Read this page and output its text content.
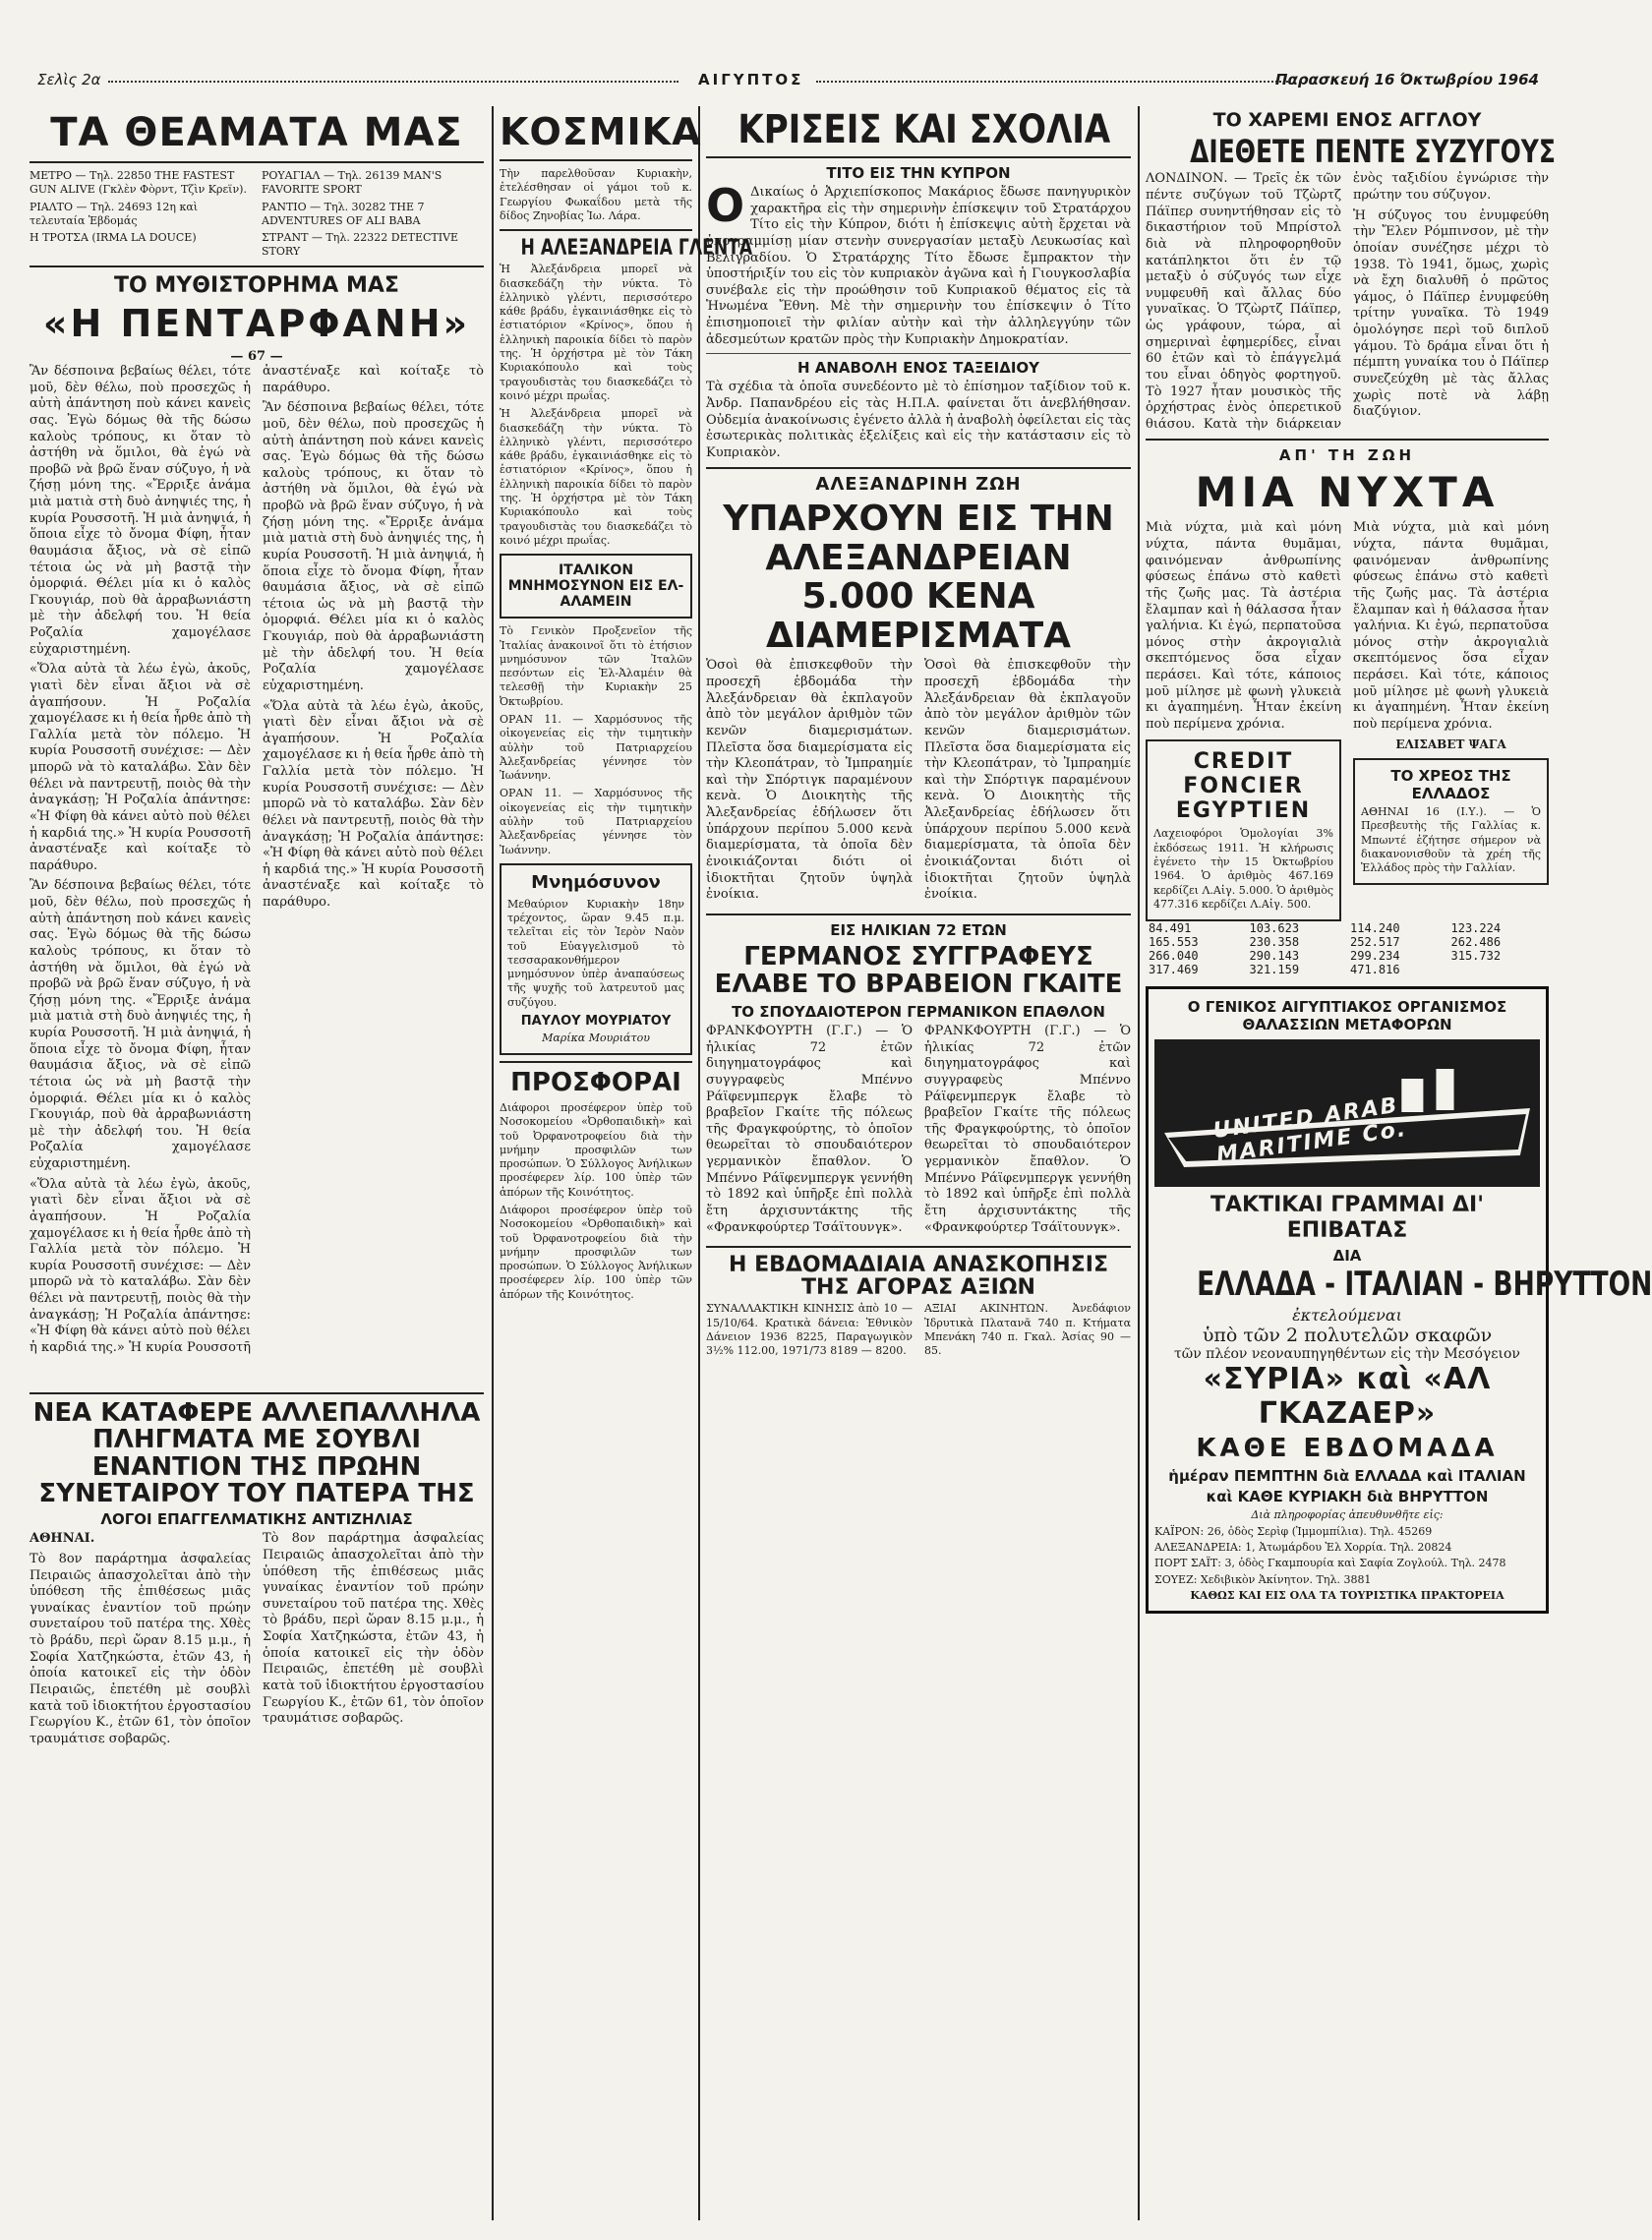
Σελὶς 2α	ΑΙΓΥΠΤΟΣ	Παρασκευή 16 Όκτωβρίου 1964
ΤΑ ΘΕΑΜΑΤΑ ΜΑΣ

ΜΕΤΡΟ — Τηλ. 22850 THE FASTEST GUN ALIVE (Γκλὲν Φὸρντ, Τζὶν Κρεϊν).

ΡΙΑΛΤΟ — Τηλ. 24693 12η καὶ τελευταία Ἑβδομάς

Η ΤΡΟΤΣΑ (IRMA LA DOUCE)

ΡΟΥΑΓΙΑΛ — Τηλ. 26139 MAN'S FAVORITE SPORT

ΡΑΝΤΙΟ — Τηλ. 30282 THE 7 ADVENTURES OF ALI BABA

ΣΤΡΑΝΤ — Τηλ. 22322 DETECTIVE STORY

ΤΟ ΜΥΘΙΣΤΟΡΗΜΑ ΜΑΣ
«Η ΠΕΝΤΑΡΦΑΝΗ»
— 67 —

Ἂν δέσποινα βεβαίως θέλει, τότε μοῦ, δὲν θέλω, ποὺ προσεχῶς ἡ αὐτὴ ἀπάντηση ποὺ κάνει κανεὶς σας. Ἐγὼ δόμως θὰ τῆς δώσω καλοὺς τρόπους, κι ὅταν τὸ ἀστήθη νὰ ὅμιλοι, θὰ ἐγώ νὰ προβῶ νὰ βρῶ ἕναν σύζυγο, ἡ νὰ ζήσῃ μόνη της. «Ἔρριξε ἀνάμα μιὰ ματιὰ στὴ δυὸ ἀνηψιές της, ἡ κυρία Ρουσσοτῆ. Ἡ μιὰ ἀνηψιά, ἡ ὅποια εἶχε τὸ ὄνομα Φίφη, ἦταν θαυμάσια ἄξιος, νὰ σὲ εἰπῶ τέτοια ὡς νὰ μὴ βαστᾷ τὴν ὁμορφιά. Θέλει μία κι ὁ καλὸς Γκουγιάρ, ποὺ θὰ ἀρραβωνιάστη μὲ τὴν ἀδελφή του. Ἡ θεία Ροζαλία χαμογέλασε εὐχαριστημένη.

«Ὅλα αὐτὰ τὰ λέω ἐγὼ, ἀκοῦς, γιατὶ δὲν εἶναι ἄξιοι νὰ σὲ ἀγαπήσουν. Ἡ Ροζαλία χαμογέλασε κι ἡ θεία ἦρθε ἀπὸ τὴ Γαλλία μετὰ τὸν πόλεμο. Ἡ κυρία Ρουσσοτῆ συνέχισε: — Δὲν μπορῶ νὰ τὸ καταλάβω. Σὰν δὲν θέλει νὰ παντρευτῇ, ποιὸς θὰ τὴν ἀναγκάσῃ; Ἡ Ροζαλία ἀπάντησε: «Ἡ Φίφη θὰ κάνει αὐτὸ ποὺ θέλει ἡ καρδιά της.» Ἡ κυρία Ρουσσοτῆ ἀναστέναξε καὶ κοίταξε τὸ παράθυρο.

Ἂν δέσποινα βεβαίως θέλει, τότε μοῦ, δὲν θέλω, ποὺ προσεχῶς ἡ αὐτὴ ἀπάντηση ποὺ κάνει κανεὶς σας. Ἐγὼ δόμως θὰ τῆς δώσω καλοὺς τρόπους, κι ὅταν τὸ ἀστήθη νὰ ὅμιλοι, θὰ ἐγώ νὰ προβῶ νὰ βρῶ ἕναν σύζυγο, ἡ νὰ ζήσῃ μόνη της. «Ἔρριξε ἀνάμα μιὰ ματιὰ στὴ δυὸ ἀνηψιές της, ἡ κυρία Ρουσσοτῆ. Ἡ μιὰ ἀνηψιά, ἡ ὅποια εἶχε τὸ ὄνομα Φίφη, ἦταν θαυμάσια ἄξιος, νὰ σὲ εἰπῶ τέτοια ὡς νὰ μὴ βαστᾷ τὴν ὁμορφιά. Θέλει μία κι ὁ καλὸς Γκουγιάρ, ποὺ θὰ ἀρραβωνιάστη μὲ τὴν ἀδελφή του. Ἡ θεία Ροζαλία χαμογέλασε εὐχαριστημένη.

«Ὅλα αὐτὰ τὰ λέω ἐγὼ, ἀκοῦς, γιατὶ δὲν εἶναι ἄξιοι νὰ σὲ ἀγαπήσουν. Ἡ Ροζαλία χαμογέλασε κι ἡ θεία ἦρθε ἀπὸ τὴ Γαλλία μετὰ τὸν πόλεμο. Ἡ κυρία Ρουσσοτῆ συνέχισε: — Δὲν μπορῶ νὰ τὸ καταλάβω. Σὰν δὲν θέλει νὰ παντρευτῇ, ποιὸς θὰ τὴν ἀναγκάσῃ; Ἡ Ροζαλία ἀπάντησε: «Ἡ Φίφη θὰ κάνει αὐτὸ ποὺ θέλει ἡ καρδιά της.» Ἡ κυρία Ρουσσοτῆ ἀναστέναξε καὶ κοίταξε τὸ παράθυρο.

Ἂν δέσποινα βεβαίως θέλει, τότε μοῦ, δὲν θέλω, ποὺ προσεχῶς ἡ αὐτὴ ἀπάντηση ποὺ κάνει κανεὶς σας. Ἐγὼ δόμως θὰ τῆς δώσω καλοὺς τρόπους, κι ὅταν τὸ ἀστήθη νὰ ὅμιλοι, θὰ ἐγώ νὰ προβῶ νὰ βρῶ ἕναν σύζυγο, ἡ νὰ ζήσῃ μόνη της. «Ἔρριξε ἀνάμα μιὰ ματιὰ στὴ δυὸ ἀνηψιές της, ἡ κυρία Ρουσσοτῆ. Ἡ μιὰ ἀνηψιά, ἡ ὅποια εἶχε τὸ ὄνομα Φίφη, ἦταν θαυμάσια ἄξιος, νὰ σὲ εἰπῶ τέτοια ὡς νὰ μὴ βαστᾷ τὴν ὁμορφιά. Θέλει μία κι ὁ καλὸς Γκουγιάρ, ποὺ θὰ ἀρραβωνιάστη μὲ τὴν ἀδελφή του. Ἡ θεία Ροζαλία χαμογέλασε εὐχαριστημένη.

«Ὅλα αὐτὰ τὰ λέω ἐγὼ, ἀκοῦς, γιατὶ δὲν εἶναι ἄξιοι νὰ σὲ ἀγαπήσουν. Ἡ Ροζαλία χαμογέλασε κι ἡ θεία ἦρθε ἀπὸ τὴ Γαλλία μετὰ τὸν πόλεμο. Ἡ κυρία Ρουσσοτῆ συνέχισε: — Δὲν μπορῶ νὰ τὸ καταλάβω. Σὰν δὲν θέλει νὰ παντρευτῇ, ποιὸς θὰ τὴν ἀναγκάσῃ; Ἡ Ροζαλία ἀπάντησε: «Ἡ Φίφη θὰ κάνει αὐτὸ ποὺ θέλει ἡ καρδιά της.» Ἡ κυρία Ρουσσοτῆ ἀναστέναξε καὶ κοίταξε τὸ παράθυρο.

ΝΕΑ ΚΑΤΑΦΕΡΕ ΑΛΛΕΠΑΛΛΗΛΑ ΠΛΗΓΜΑΤΑ ΜΕ ΣΟΥΒΛΙ ΕΝΑΝΤΙΟΝ ΤΗΣ ΠΡΩΗΝ ΣΥΝΕΤΑΙΡΟΥ ΤΟΥ ΠΑΤΕΡΑ ΤΗΣ
ΛΟΓΟΙ ΕΠΑΓΓΕΛΜΑΤΙΚΗΣ ΑΝΤΙΖΗΛΙΑΣ

ΑΘΗΝΑΙ.

Τὸ 8ον παράρτημα ἀσφαλείας Πειραιῶς ἀπασχολεῖται ἀπὸ τὴν ὑπόθεση τῆς ἐπιθέσεως μιᾶς γυναίκας ἐναντίον τοῦ πρώην συνεταίρου τοῦ πατέρα της. Χθὲς τὸ βράδυ, περὶ ὥραν 8.15 μ.μ., ἡ Σοφία Χατζηκώστα, ἐτῶν 43, ἡ ὁποία κατοικεῖ εἰς τὴν ὁδὸν Πειραιῶς, ἐπετέθη μὲ σουβλὶ κατὰ τοῦ ἰδιοκτήτου ἐργοστασίου Γεωργίου Κ., ἐτῶν 61, τὸν ὁποῖον τραυμάτισε σοβαρῶς.

Τὸ 8ον παράρτημα ἀσφαλείας Πειραιῶς ἀπασχολεῖται ἀπὸ τὴν ὑπόθεση τῆς ἐπιθέσεως μιᾶς γυναίκας ἐναντίον τοῦ πρώην συνεταίρου τοῦ πατέρα της. Χθὲς τὸ βράδυ, περὶ ὥραν 8.15 μ.μ., ἡ Σοφία Χατζηκώστα, ἐτῶν 43, ἡ ὁποία κατοικεῖ εἰς τὴν ὁδὸν Πειραιῶς, ἐπετέθη μὲ σουβλὶ κατὰ τοῦ ἰδιοκτήτου ἐργοστασίου Γεωργίου Κ., ἐτῶν 61, τὸν ὁποῖον τραυμάτισε σοβαρῶς.

ΚΟΣΜΙΚΑ

Τὴν παρελθοῦσαν Κυριακὴν, ἐτελέσθησαν οἱ γάμοι τοῦ κ. Γεωργίου Φωκαΐδου μετὰ τῆς δίδος Ζηνοβίας Ἰω. Λάρα.

Η ΑΛΕΞΑΝΔΡΕΙΑ ΓΛΕΝΤΑ

Ἡ Ἀλεξάνδρεια μπορεῖ νὰ διασκεδάζη τὴν νύκτα. Τὸ ἑλληνικὸ γλέντι, περισσότερο κάθε βράδυ, ἐγκαινιάσθηκε εἰς τὸ ἑστιατόριον «Κρίνος», ὅπου ἡ ἑλληνικὴ παροικία δίδει τὸ παρὸν της. Ἡ ὀρχήστρα μὲ τὸν Τάκη Κυριακόπουλο καὶ τοὺς τραγουδιστὰς του διασκεδάζει τὸ κοινό μέχρι πρωΐας.

Ἡ Ἀλεξάνδρεια μπορεῖ νὰ διασκεδάζη τὴν νύκτα. Τὸ ἑλληνικὸ γλέντι, περισσότερο κάθε βράδυ, ἐγκαινιάσθηκε εἰς τὸ ἑστιατόριον «Κρίνος», ὅπου ἡ ἑλληνικὴ παροικία δίδει τὸ παρὸν της. Ἡ ὀρχήστρα μὲ τὸν Τάκη Κυριακόπουλο καὶ τοὺς τραγουδιστὰς του διασκεδάζει τὸ κοινό μέχρι πρωΐας.

ΙΤΑΛΙΚΟΝ ΜΝΗΜΟΣΥΝΟΝ ΕΙΣ ΕΛ-ΑΛΑΜΕΙΝ

Τὸ Γενικὸν Προξενεῖον τῆς Ἰταλίας ἀνακοινοῖ ὅτι τὸ ἐτήσιον μνημόσυνον τῶν Ἰταλῶν πεσόντων εἰς Ἐλ-Ἀλαμέιν θὰ τελεσθῇ τὴν Κυριακὴν 25 Ὀκτωβρίου.

ΟΡΑΝ 11. — Χαρμόσυνος τῆς οἰκογενείας εἰς τὴν τιμητικὴν αὐλὴν τοῦ Πατριαρχείου Ἀλεξανδρείας γέννησε τὸν Ἰωάννην.

ΟΡΑΝ 11. — Χαρμόσυνος τῆς οἰκογενείας εἰς τὴν τιμητικὴν αὐλὴν τοῦ Πατριαρχείου Ἀλεξανδρείας γέννησε τὸν Ἰωάννην.

Μνημόσυνον

Μεθαύριον Κυριακὴν 18ην τρέχοντος, ὥραν 9.45 π.μ. τελεῖται εἰς τὸν Ἱερὸν Ναὸν τοῦ Εὐαγγελισμοῦ τὸ τεσσαρακονθήμερον μνημόσυνον ὑπὲρ ἀναπαύσεως τῆς ψυχῆς τοῦ λατρευτοῦ μας συζύγου.

ΠΑΥΛΟΥ ΜΟΥΡΙΑΤΟΥ

Μαρίκα Μουριάτου

ΠΡΟΣΦΟΡΑΙ

Διάφοροι προσέφερον ὑπὲρ τοῦ Νοσοκομείου «Ὀρθοπαιδικὴ» καὶ τοῦ Ὀρφανοτροφείου διὰ τὴν μνήμην προσφιλῶν των προσώπων. Ὁ Σύλλογος Ἀνήλικων προσέφερεν λίρ. 100 ὑπὲρ τῶν ἀπόρων τῆς Κοινότητος.

Διάφοροι προσέφερον ὑπὲρ τοῦ Νοσοκομείου «Ὀρθοπαιδικὴ» καὶ τοῦ Ὀρφανοτροφείου διὰ τὴν μνήμην προσφιλῶν των προσώπων. Ὁ Σύλλογος Ἀνήλικων προσέφερεν λίρ. 100 ὑπὲρ τῶν ἀπόρων τῆς Κοινότητος.

ΚΡΙΣΕΙΣ ΚΑΙ ΣΧΟΛΙΑ
ΤΙΤΟ ΕΙΣ ΤΗΝ ΚΥΠΡΟΝ

Ο Δικαίως ὁ Ἀρχιεπίσκοπος Μακάριος ἔδωσε πανηγυρικὸν χαρακτῆρα εἰς τὴν σημερινὴν ἐπίσκεψιν τοῦ Στρατάρχου Τίτο εἰς τὴν Κύπρον, διότι ἡ ἐπίσκεψις αὐτὴ ἔρχεται νὰ ὑπογραμμίσῃ μίαν στενὴν συνεργασίαν μεταξὺ Λευκωσίας καὶ Βελιγραδίου. Ὁ Στρατάρχης Τίτο ἔδωσε ἔμπρακτον τὴν ὑποστήριξίν του εἰς τὸν κυπριακὸν ἀγῶνα καὶ ἡ Γιουγκοσλαβία συνέβαλε εἰς τὴν προώθησιν τοῦ Κυπριακοῦ θέματος εἰς τὰ Ἡνωμένα Ἔθνη. Μὲ τὴν σημερινὴν του ἐπίσκεψιν ὁ Τίτο ἐπισημοποιεῖ τὴν φιλίαν αὐτὴν καὶ τὴν ἀλληλεγγύην τῶν ἀδεσμεύτων κρατῶν πρὸς τὴν Κυπριακὴν Δημοκρατίαν.

Η ΑΝΑΒΟΛΗ ΕΝΟΣ ΤΑΞΕΙΔΙΟΥ

Τὰ σχέδια τὰ ὁποῖα συνεδέοντο μὲ τὸ ἐπίσημον ταξίδιον τοῦ κ. Ἀνδρ. Παπανδρέου εἰς τὰς Η.Π.Α. φαίνεται ὅτι ἀνεβλήθησαν. Οὐδεμία ἀνακοίνωσις ἐγένετο ἀλλὰ ἡ ἀναβολὴ ὀφείλεται εἰς τὰς ἐσωτερικὰς πολιτικὰς ἐξελίξεις καὶ εἰς τὴν κατάστασιν εἰς τὸ Κυπριακὸν.

ΑΛΕΞΑΝΔΡΙΝΗ ΖΩΗ
ΥΠΑΡΧΟΥΝ ΕΙΣ ΤΗΝ ΑΛΕΞΑΝΔΡΕΙΑΝ 5.000 ΚΕΝΑ ΔΙΑΜΕΡΙΣΜΑΤΑ

Ὁσοὶ θὰ ἐπισκεφθοῦν τὴν προσεχῆ ἑβδομάδα τὴν Ἀλεξάνδρειαν θὰ ἐκπλαγοῦν ἀπὸ τὸν μεγάλον ἀριθμὸν τῶν κενῶν διαμερισμάτων. Πλεῖστα ὅσα διαμερίσματα εἰς τὴν Κλεοπάτραν, τὸ Ἰμπραημίε καὶ τὴν Σπόρτιγκ παραμένουν κενὰ. Ὁ Διοικητὴς τῆς Ἀλεξανδρείας ἐδήλωσεν ὅτι ὑπάρχουν περίπου 5.000 κενὰ διαμερίσματα, τὰ ὁποῖα δὲν ἐνοικιάζονται διότι οἱ ἰδιοκτῆται ζητοῦν ὑψηλὰ ἐνοίκια.

Ὁσοὶ θὰ ἐπισκεφθοῦν τὴν προσεχῆ ἑβδομάδα τὴν Ἀλεξάνδρειαν θὰ ἐκπλαγοῦν ἀπὸ τὸν μεγάλον ἀριθμὸν τῶν κενῶν διαμερισμάτων. Πλεῖστα ὅσα διαμερίσματα εἰς τὴν Κλεοπάτραν, τὸ Ἰμπραημίε καὶ τὴν Σπόρτιγκ παραμένουν κενὰ. Ὁ Διοικητὴς τῆς Ἀλεξανδρείας ἐδήλωσεν ὅτι ὑπάρχουν περίπου 5.000 κενὰ διαμερίσματα, τὰ ὁποῖα δὲν ἐνοικιάζονται διότι οἱ ἰδιοκτῆται ζητοῦν ὑψηλὰ ἐνοίκια.

ΕΙΣ ΗΛΙΚΙΑΝ 72 ΕΤΩΝ
ΓΕΡΜΑΝΟΣ ΣΥΓΓΡΑΦΕΥΣ ΕΛΑΒΕ ΤΟ ΒΡΑΒΕΙΟΝ ΓΚΑΙΤΕ
ΤΟ ΣΠΟΥΔΑΙΟΤΕΡΟΝ ΓΕΡΜΑΝΙΚΟΝ ΕΠΑΘΛΟΝ

ΦΡΑΝΚΦΟΥΡΤΗ (Γ.Γ.) — Ὁ ἡλικίας 72 ἐτῶν διηγηματογράφος καὶ συγγραφεὺς Μπέννο Ράϊφενμπεργκ ἔλαβε τὸ βραβεῖον Γκαίτε τῆς πόλεως τῆς Φραγκφούρτης, τὸ ὁποῖον θεωρεῖται τὸ σπουδαιότερον γερμανικὸν ἔπαθλον. Ὁ Μπέννο Ράϊφενμπεργκ γεννήθη τὸ 1892 καὶ ὑπῆρξε ἐπὶ πολλὰ ἔτη ἀρχισυντάκτης τῆς «Φρανκφούρτερ Τσάϊτουνγκ».

ΦΡΑΝΚΦΟΥΡΤΗ (Γ.Γ.) — Ὁ ἡλικίας 72 ἐτῶν διηγηματογράφος καὶ συγγραφεὺς Μπέννο Ράϊφενμπεργκ ἔλαβε τὸ βραβεῖον Γκαίτε τῆς πόλεως τῆς Φραγκφούρτης, τὸ ὁποῖον θεωρεῖται τὸ σπουδαιότερον γερμανικὸν ἔπαθλον. Ὁ Μπέννο Ράϊφενμπεργκ γεννήθη τὸ 1892 καὶ ὑπῆρξε ἐπὶ πολλὰ ἔτη ἀρχισυντάκτης τῆς «Φρανκφούρτερ Τσάϊτουνγκ».

Η ΕΒΔΟΜΑΔΙΑΙΑ ΑΝΑΣΚΟΠΗΣΙΣ ΤΗΣ ΑΓΟΡΑΣ ΑΞΙΩΝ

ΣΥΝΑΛΛΑΚΤΙΚΗ ΚΙΝΗΣΙΣ ἀπὸ 10 — 15/10/64. Κρατικὰ δάνεια: Ἐθνικὸν Δάνειον 1936 8225, Παραγωγικὸν 3½% 112.00, 1971/73 8189 — 8200.

ΑΞΙΑΙ ΑΚΙΝΗΤΩΝ. Ἀνεδάφιον Ἰδρυτικὰ Πλατανᾶ 740 π. Κτήματα Μπενάκη 740 π. Γκαλ. Ἀσίας 90 — 85.

ΤΟ ΧΑΡΕΜΙ ΕΝΟΣ ΑΓΓΛΟΥ
ΔΙΕΘΕΤΕ ΠΕΝΤΕ ΣΥΖΥΓΟΥΣ

ΛΟΝΔΙΝΟΝ. — Τρεῖς ἐκ τῶν πέντε συζύγων τοῦ Τζὼρτζ Πάϊπερ συνηντήθησαν εἰς τὸ δικαστήριον τοῦ Μπρίστολ διὰ νὰ πληροφορηθοῦν κατάπληκτοι ὅτι ἐν τῷ μεταξὺ ὁ σύζυγός των εἶχε νυμφευθῆ καὶ ἄλλας δύο γυναῖκας. Ὁ Τζὼρτζ Πάϊπερ, ὡς γράφουν, τώρα, αἱ σημεριναὶ ἐφημερίδες, εἶναι 60 ἐτῶν καὶ τὸ ἐπάγγελμά του εἶναι ὁδηγὸς φορτηγοῦ. Τὸ 1927 ἦταν μουσικὸς τῆς ὀρχήστρας ἑνὸς ὀπερετικοῦ θιάσου. Κατὰ τὴν διάρκειαν ἑνὸς ταξιδίου ἐγνώρισε τὴν πρώτην του σύζυγον.

Ἡ σύζυγος του ἐνυμφεύθη τὴν Ἔλεν Ρόμπινσον, μὲ τὴν ὁποίαν συνέζησε μέχρι τὸ 1938. Τὸ 1941, ὅμως, χωρὶς νὰ ἔχη διαλυθῆ ὁ πρῶτος γάμος, ὁ Πάϊπερ ἐνυμφεύθη τρίτην γυναῖκα. Τὸ 1949 ὁμολόγησε περὶ τοῦ διπλοῦ γάμου. Τὸ δράμα εἶναι ὅτι ἡ πέμπτη γυναίκα του ὁ Πάϊπερ συνεζεύχθη μὲ τὰς ἄλλας χωρὶς ποτὲ νὰ λάβῃ διαζύγιον.

ΑΠ' ΤΗ ΖΩΗ
ΜΙΑ ΝΥΧΤΑ

Μιὰ νύχτα, μιὰ καὶ μόνη νύχτα, πάντα θυμᾶμαι, φαινόμεναν ἀνθρωπίνης φύσεως ἐπάνω στὸ καθετὶ τῆς ζωῆς μας. Τὰ ἀστέρια ἔλαμπαν καὶ ἡ θάλασσα ἦταν γαλήνια. Κι ἐγώ, περπατοῦσα μόνος στὴν ἀκρογιαλιὰ σκεπτόμενος ὅσα εἶχαν περάσει. Καὶ τότε, κάποιος μοῦ μίλησε μὲ φωνὴ γλυκειὰ κι ἀγαπημένη. Ἦταν ἐκείνη ποὺ περίμενα χρόνια.

CREDIT FONCIER EGYPTIEN

Λαχειοφόροι Ὁμολογίαι 3% ἐκδόσεως 1911. Ἡ κλήρωσις ἐγένετο τὴν 15 Ὀκτωβρίου 1964. Ὁ ἀριθμὸς 467.169 κερδίζει Λ.Αἰγ. 5.000. Ὁ ἀριθμὸς 477.316 κερδίζει Λ.Αἰγ. 500.

Μιὰ νύχτα, μιὰ καὶ μόνη νύχτα, πάντα θυμᾶμαι, φαινόμεναν ἀνθρωπίνης φύσεως ἐπάνω στὸ καθετὶ τῆς ζωῆς μας. Τὰ ἀστέρια ἔλαμπαν καὶ ἡ θάλασσα ἦταν γαλήνια. Κι ἐγώ, περπατοῦσα μόνος στὴν ἀκρογιαλιὰ σκεπτόμενος ὅσα εἶχαν περάσει. Καὶ τότε, κάποιος μοῦ μίλησε μὲ φωνὴ γλυκειὰ κι ἀγαπημένη. Ἦταν ἐκείνη ποὺ περίμενα χρόνια.

ΕΛΙΣΑΒΕΤ ΨΑΓΑ

ΤΟ ΧΡΕΟΣ ΤΗΣ ΕΛΛΑΔΟΣ

ΑΘΗΝΑΙ 16 (Ι.Υ.). — Ὁ Πρεσβευτὴς τῆς Γαλλίας κ. Μπωντέ ἐζήτησε σήμερον νὰ διακανονισθοῦν τὰ χρέη τῆς Ἑλλάδος πρὸς τὴν Γαλλίαν.

84.491	103.623	114.240	123.224
165.553	230.358	252.517	262.486
266.040	290.143	299.234	315.732
317.469	321.159	471.816	
Ο ΓΕΝΙΚΟΣ ΑΙΓΥΠΤΙΑΚΟΣ ΟΡΓΑΝΙΣΜΟΣ ΘΑΛΑΣΣΙΩΝ ΜΕΤΑΦΟΡΩΝ
UNITED ARAB MARITIME Co.
ΤΑΚΤΙΚΑΙ ΓΡΑΜΜΑΙ ΔΙ' ΕΠΙΒΑΤΑΣ
ΔΙΑ
ΕΛΛΑΔΑ - ΙΤΑΛΙΑΝ - ΒΗΡΥΤΤΟΝ
ἐκτελούμεναι
ὑπὸ τῶν 2 πολυτελῶν σκαφῶν
τῶν πλέον νεοναυπηγηθέντων εἰς τὴν Μεσόγειον
«ΣΥΡΙΑ» καὶ «ΑΛ ΓΚΑΖΑΕΡ»
ΚΑΘΕ ΕΒΔΟΜΑΔΑ
ἡμέραν ΠΕΜΠΤΗΝ διὰ ΕΛΛΑΔΑ καὶ ΙΤΑΛΙΑΝ
καὶ ΚΑΘΕ ΚΥΡΙΑΚΗ διὰ ΒΗΡΥΤΤΟΝ
Διὰ πληροφορίας ἀπευθυνθῆτε εἰς:

ΚΑΪΡΟΝ: 26, ὁδὸς Σερὶφ (Ἰμμομπίλια). Τηλ. 45269

ΑΛΕΞΑΝΔΡΕΙΑ: 1, Ἀτωμάρδου Ἐλ Χορρία. Τηλ. 20824

ΠΟΡΤ ΣΑΪΤ: 3, ὁδὸς Γκαμπουρία καὶ Σαφία Ζογλούλ. Τηλ. 2478

ΣΟΥΕΖ: Χεδιβικὸν Ἀκίνητον. Τηλ. 3881

ΚΑΘΩΣ ΚΑΙ ΕΙΣ ΟΛΑ ΤΑ ΤΟΥΡΙΣΤΙΚΑ ΠΡΑΚΤΟΡΕΙΑ
